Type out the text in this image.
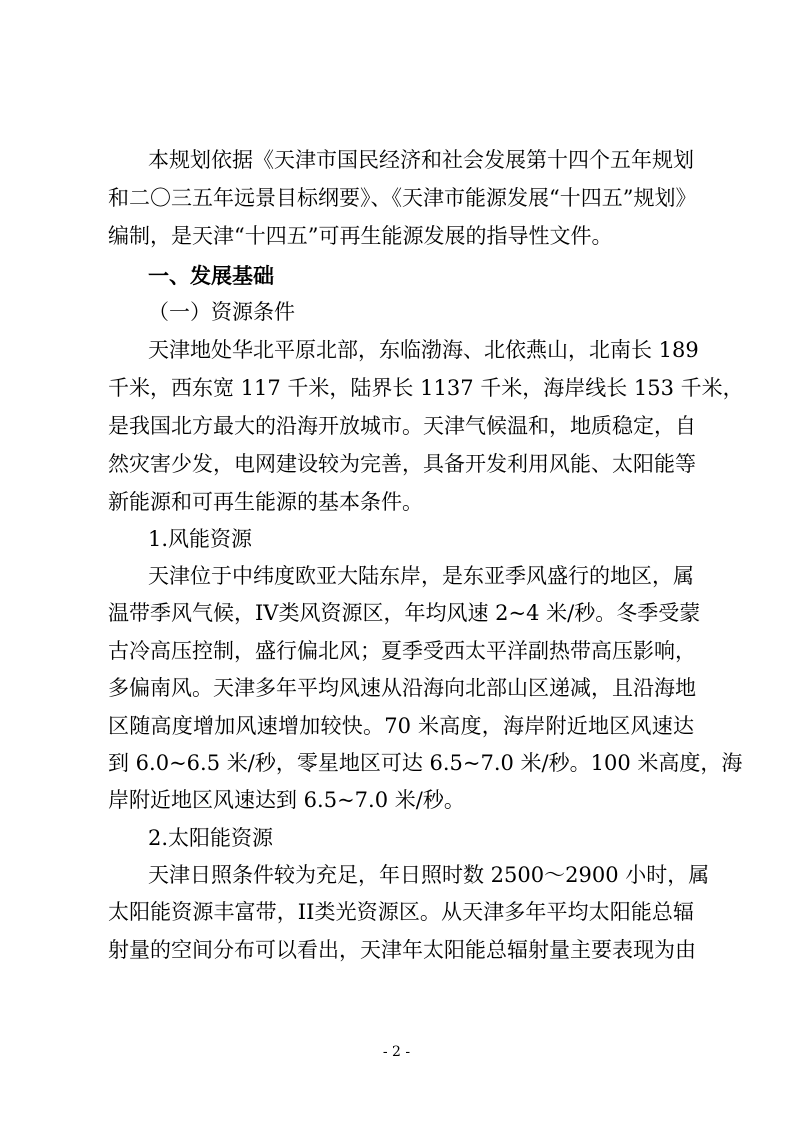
本规划依据《天津市国民经济和社会发展第十四个五年规划
和二〇三五年远景目标纲要》、《天津市能源发展“十四五”规划》
编制，是天津“十四五”可再生能源发展的指导性文件。
一、发展基础
（一）资源条件
天津地处华北平原北部，东临渤海、北依燕山，北南长 189
千米，西东宽 117 千米，陆界长 1137 千米，海岸线长 153 千米，
是我国北方最大的沿海开放城市。天津气候温和，地质稳定，自
然灾害少发，电网建设较为完善，具备开发利用风能、太阳能等
新能源和可再生能源的基本条件。
1.风能资源
天津位于中纬度欧亚大陆东岸，是东亚季风盛行的地区，属
温带季风气候，IV类风资源区，年均风速 2~4 米/秒。冬季受蒙
古冷高压控制，盛行偏北风；夏季受西太平洋副热带高压影响，
多偏南风。天津多年平均风速从沿海向北部山区递减，且沿海地
区随高度增加风速增加较快。70 米高度，海岸附近地区风速达
到 6.0~6.5 米/秒，零星地区可达 6.5~7.0 米/秒。100 米高度，海
岸附近地区风速达到 6.5~7.0 米/秒。
2.太阳能资源
天津日照条件较为充足，年日照时数 2500～2900 小时，属
太阳能资源丰富带，II类光资源区。从天津多年平均太阳能总辐
射量的空间分布可以看出，天津年太阳能总辐射量主要表现为由
- 2 -
